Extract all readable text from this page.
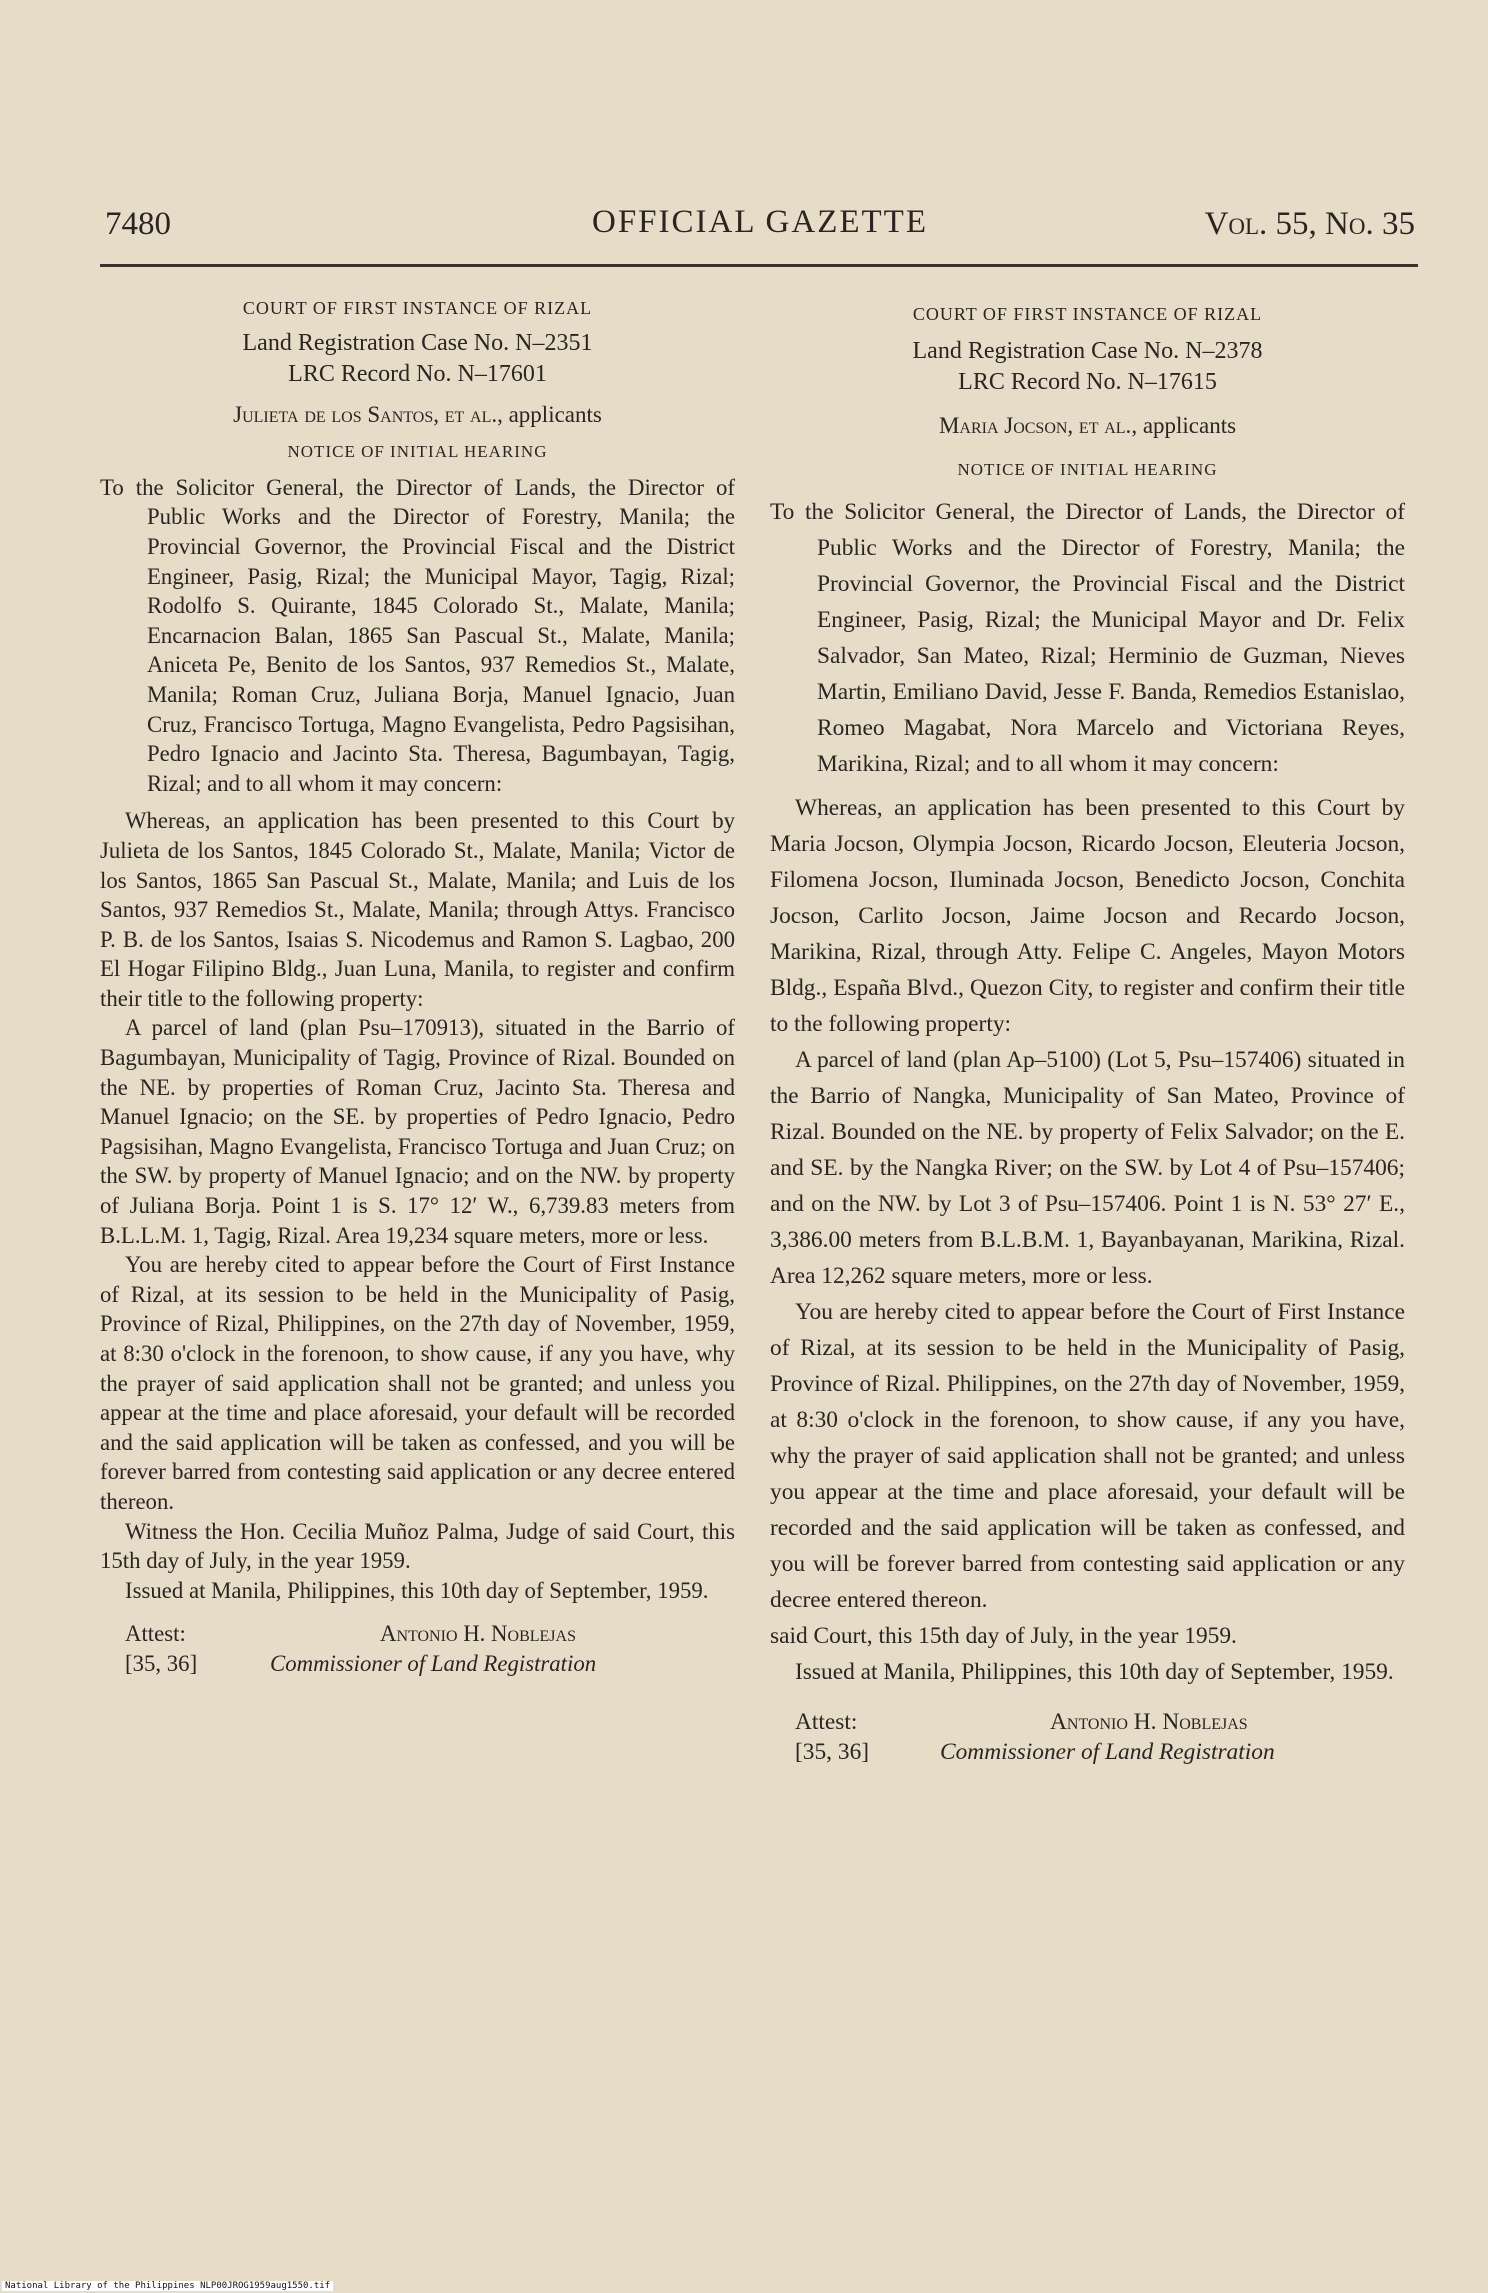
7480	OFFICIAL GAZETTE	Vol. 55, No. 35
COURT OF FIRST INSTANCE OF RIZAL
Land Registration Case No. N–2351
LRC Record No. N–17601
Julieta de los Santos, et al., applicants
NOTICE OF INITIAL HEARING
To the Solicitor General, the Director of Lands, the Director of Public Works and the Director of Forestry, Manila; the Provincial Governor, the Provincial Fiscal and the District Engineer, Pasig, Rizal; the Municipal Mayor, Tagig, Rizal; Rodolfo S. Quirante, 1845 Colorado St., Malate, Manila; Encarnacion Balan, 1865 San Pascual St., Malate, Manila; Aniceta Pe, Benito de los Santos, 937 Remedios St., Malate, Manila; Roman Cruz, Juliana Borja, Manuel Ignacio, Juan Cruz, Francisco Tortuga, Magno Evangelista, Pedro Pagsisihan, Pedro Ignacio and Jacinto Sta. Theresa, Bagumbayan, Tagig, Rizal; and to all whom it may concern:

Whereas, an application has been presented to this Court by Julieta de los Santos, 1845 Colorado St., Malate, Manila; Victor de los Santos, 1865 San Pascual St., Malate, Manila; and Luis de los Santos, 937 Remedios St., Malate, Manila; through Attys. Francisco P. B. de los Santos, Isaias S. Nicodemus and Ramon S. Lagbao, 200 El Hogar Filipino Bldg., Juan Luna, Manila, to register and confirm their title to the following property:

A parcel of land (plan Psu–170913), situated in the Barrio of Bagumbayan, Municipality of Tagig, Province of Rizal. Bounded on the NE. by properties of Roman Cruz, Jacinto Sta. Theresa and Manuel Ignacio; on the SE. by properties of Pedro Ignacio, Pedro Pagsisihan, Magno Evangelista, Francisco Tortuga and Juan Cruz; on the SW. by property of Manuel Ignacio; and on the NW. by property of Juliana Borja. Point 1 is S. 17° 12′ W., 6,739.83 meters from B.L.L.M. 1, Tagig, Rizal. Area 19,234 square meters, more or less.

You are hereby cited to appear before the Court of First Instance of Rizal, at its session to be held in the Municipality of Pasig, Province of Rizal, Philippines, on the 27th day of November, 1959, at 8:30 o'clock in the forenoon, to show cause, if any you have, why the prayer of said application shall not be granted; and unless you appear at the time and place aforesaid, your default will be recorded and the said application will be taken as confessed, and you will be forever barred from contesting said application or any decree entered thereon.

Witness the Hon. Cecilia Muñoz Palma, Judge of said Court, this 15th day of July, in the year 1959.

Issued at Manila, Philippines, this 10th day of September, 1959.

Attest:
[35, 36]
Antonio H. Noblejas
Commissioner of Land Registration
COURT OF FIRST INSTANCE OF RIZAL
Land Registration Case No. N–2378
LRC Record No. N–17615
Maria Jocson, et al., applicants
NOTICE OF INITIAL HEARING
To the Solicitor General, the Director of Lands, the Director of Public Works and the Director of Forestry, Manila; the Provincial Governor, the Provincial Fiscal and the District Engineer, Pasig, Rizal; the Municipal Mayor and Dr. Felix Salvador, San Mateo, Rizal; Herminio de Guzman, Nieves Martin, Emiliano David, Jesse F. Banda, Remedios Estanislao, Romeo Magabat, Nora Marcelo and Victoriana Reyes, Marikina, Rizal; and to all whom it may concern:

Whereas, an application has been presented to this Court by Maria Jocson, Olympia Jocson, Ricardo Jocson, Eleuteria Jocson, Filomena Jocson, Iluminada Jocson, Benedicto Jocson, Conchita Jocson, Carlito Jocson, Jaime Jocson and Recardo Jocson, Marikina, Rizal, through Atty. Felipe C. Angeles, Mayon Motors Bldg., España Blvd., Quezon City, to register and confirm their title to the following property:

A parcel of land (plan Ap–5100) (Lot 5, Psu–157406) situated in the Barrio of Nangka, Municipality of San Mateo, Province of Rizal. Bounded on the NE. by property of Felix Salvador; on the E. and SE. by the Nangka River; on the SW. by Lot 4 of Psu–157406; and on the NW. by Lot 3 of Psu–157406. Point 1 is N. 53° 27′ E., 3,386.00 meters from B.L.B.M. 1, Bayanbayanan, Marikina, Rizal. Area 12,262 square meters, more or less.

You are hereby cited to appear before the Court of First Instance of Rizal, at its session to be held in the Municipality of Pasig, Province of Rizal. Philippines, on the 27th day of November, 1959, at 8:30 o'clock in the forenoon, to show cause, if any you have, why the prayer of said application shall not be granted; and unless you appear at the time and place aforesaid, your default will be recorded and the said application will be taken as confessed, and you will be forever barred from contesting said application or any decree entered thereon.

said Court, this 15th day of July, in the year 1959.

Issued at Manila, Philippines, this 10th day of September, 1959.

Attest:
[35, 36]
Antonio H. Noblejas
Commissioner of Land Registration
National Library of the Philippines NLP00JROG1959aug1550.tif
